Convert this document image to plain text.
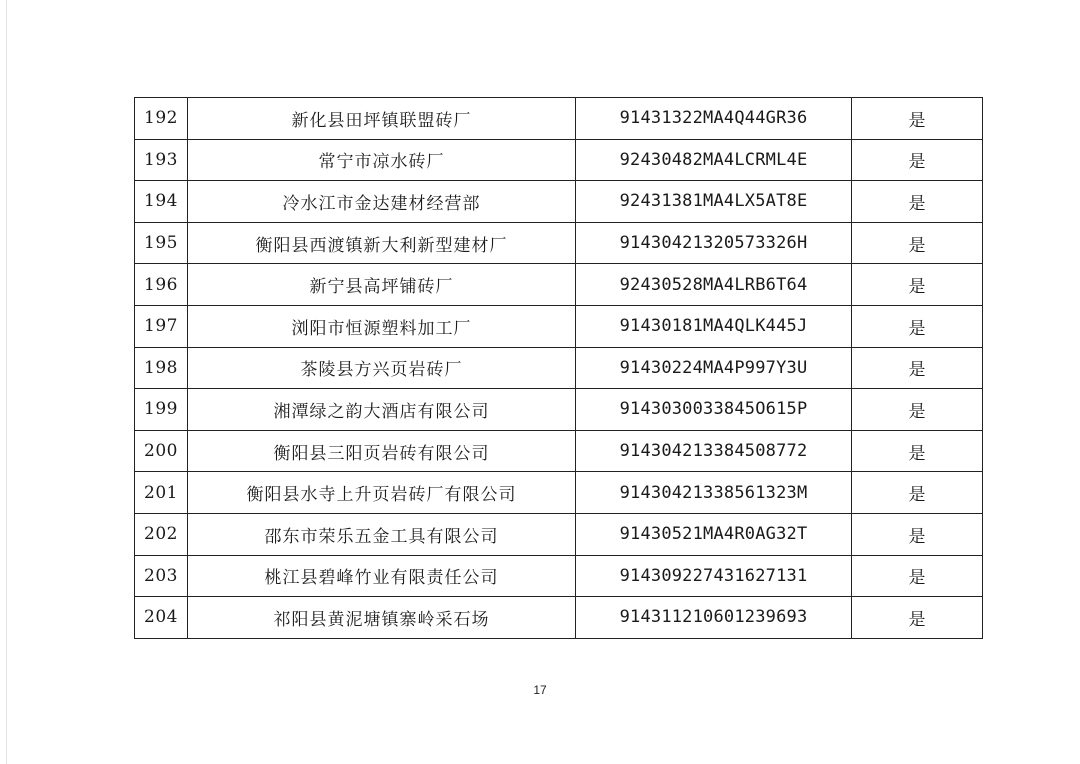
192	新化县田坪镇联盟砖厂	91431322MA4Q44GR36	是
193	常宁市凉水砖厂	92430482MA4LCRML4E	是
194	冷水江市金达建材经营部	92431381MA4LX5AT8E	是
195	衡阳县西渡镇新大利新型建材厂	91430421320573326H	是
196	新宁县高坪铺砖厂	92430528MA4LRB6T64	是
197	浏阳市恒源塑料加工厂	91430181MA4QLK445J	是
198	茶陵县方兴页岩砖厂	91430224MA4P997Y3U	是
199	湘潭绿之韵大酒店有限公司	9143030033845O615P	是
200	衡阳县三阳页岩砖有限公司	914304213384508772	是
201	衡阳县水寺上升页岩砖厂有限公司	91430421338561323M	是
202	邵东市荣乐五金工具有限公司	91430521MA4R0AG32T	是
203	桃江县碧峰竹业有限责任公司	914309227431627131	是
204	祁阳县黄泥塘镇寨岭采石场	914311210601239693	是
17
